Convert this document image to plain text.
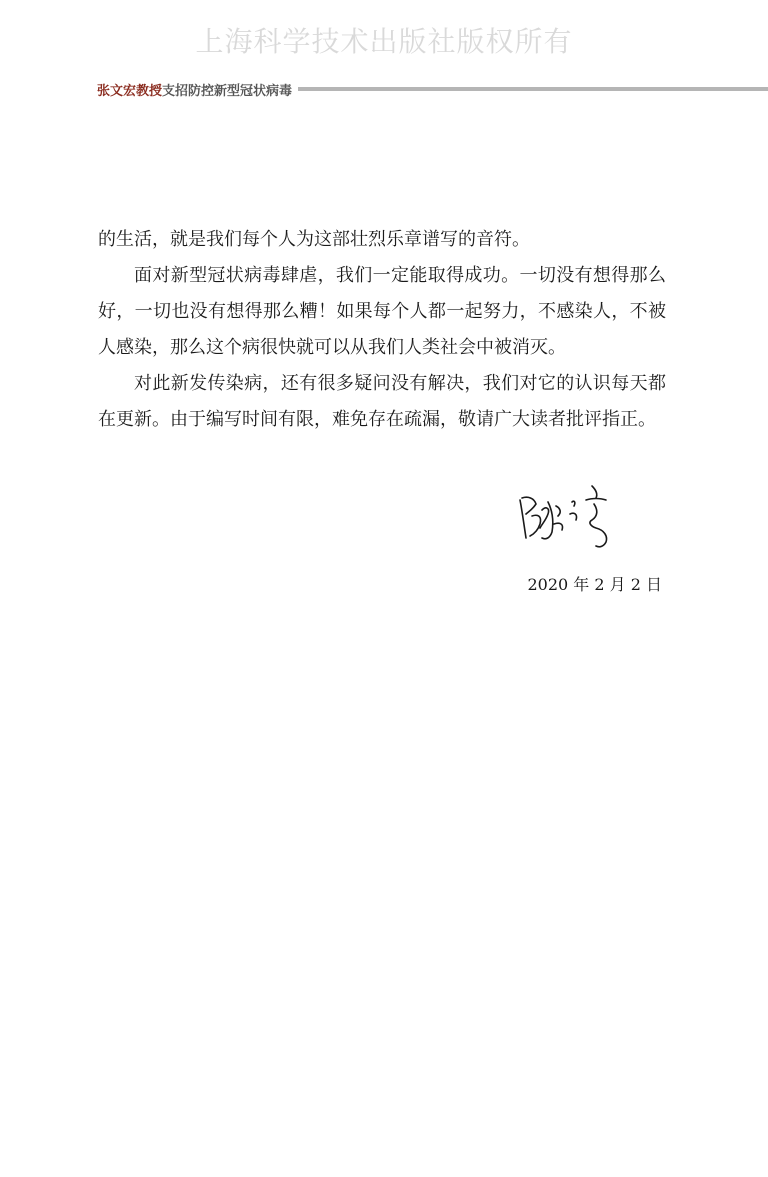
上海科学技术出版社版权所有
张文宏教授 支招防控新型冠状病毒

的生活，就是我们每个人为这部壮烈乐章谱写的音符。

面对新型冠状病毒肆虐，我们一定能取得成功。一切没有想得那么好，一切也没有想得那么糟！如果每个人都一起努力，不感染人，不被人感染，那么这个病很快就可以从我们人类社会中被消灭。

对此新发传染病，还有很多疑问没有解决，我们对它的认识每天都在更新。由于编写时间有限，难免存在疏漏，敬请广大读者批评指正。

2020 年 2 月 2 日
